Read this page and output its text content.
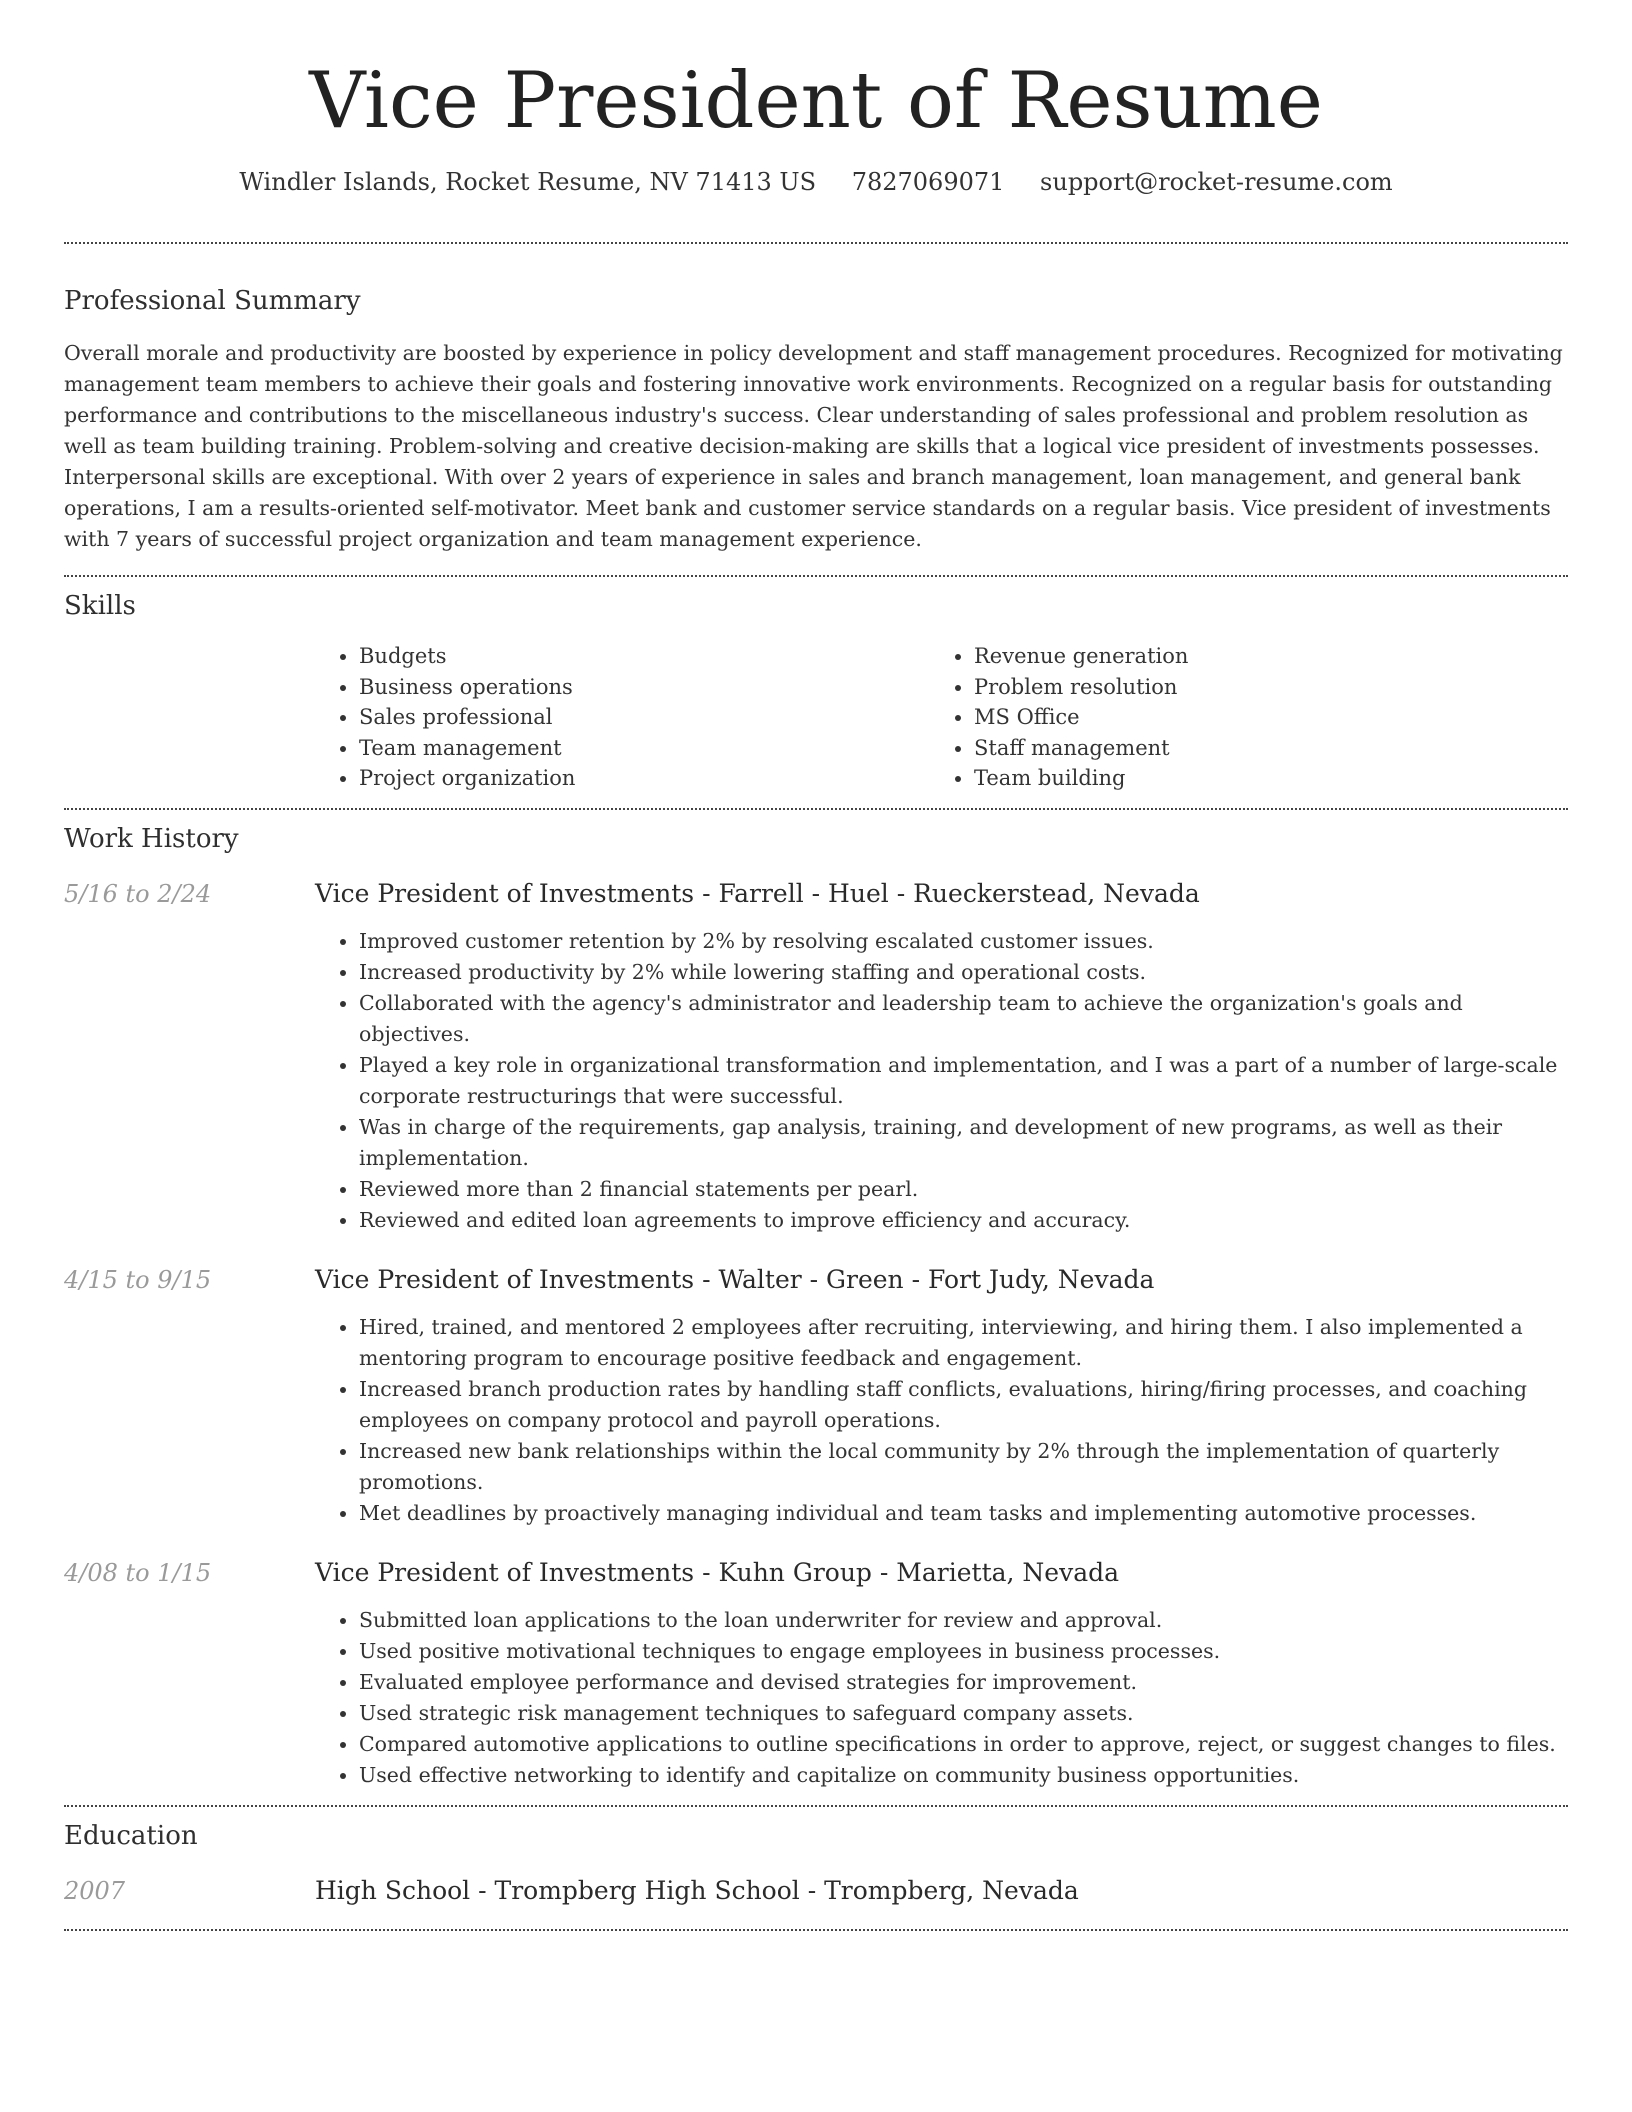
Vice President of Resume
Windler Islands, Rocket Resume, NV 71413 US 7827069071 support@rocket-resume.com
Professional Summary

Overall morale and productivity are boosted by experience in policy development and staff management procedures. Recognized for motivating management team members to achieve their goals and fostering innovative work environments. Recognized on a regular basis for outstanding performance and contributions to the miscellaneous industry's success. Clear understanding of sales professional and problem resolution as well as team building training. Problem-solving and creative decision-making are skills that a logical vice president of investments possesses. Interpersonal skills are exceptional. With over 2 years of experience in sales and branch management, loan management, and general bank operations, I am a results-oriented self-motivator. Meet bank and customer service standards on a regular basis. Vice president of investments with 7 years of successful project organization and team management experience.

Skills
• Budgets
• Business operations
• Sales professional
• Team management
• Project organization
• Revenue generation
• Problem resolution
• MS Office
• Staff management
• Team building
Work History
5/16 to 2/24	Vice President of Investments - Farrell - Huel - Rueckerstead, Nevada
• Improved customer retention by 2% by resolving escalated customer issues.
• Increased productivity by 2% while lowering staffing and operational costs.
• Collaborated with the agency's administrator and leadership team to achieve the organization's goals and objectives.
• Played a key role in organizational transformation and implementation, and I was a part of a number of large-scale corporate restructurings that were successful.
• Was in charge of the requirements, gap analysis, training, and development of new programs, as well as their implementation.
• Reviewed more than 2 financial statements per pearl.
• Reviewed and edited loan agreements to improve efficiency and accuracy.
4/15 to 9/15	Vice President of Investments - Walter - Green - Fort Judy, Nevada
• Hired, trained, and mentored 2 employees after recruiting, interviewing, and hiring them. I also implemented a mentoring program to encourage positive feedback and engagement.
• Increased branch production rates by handling staff conflicts, evaluations, hiring/firing processes, and coaching employees on company protocol and payroll operations.
• Increased new bank relationships within the local community by 2% through the implementation of quarterly promotions.
• Met deadlines by proactively managing individual and team tasks and implementing automotive processes.
4/08 to 1/15	Vice President of Investments - Kuhn Group - Marietta, Nevada
• Submitted loan applications to the loan underwriter for review and approval.
• Used positive motivational techniques to engage employees in business processes.
• Evaluated employee performance and devised strategies for improvement.
• Used strategic risk management techniques to safeguard company assets.
• Compared automotive applications to outline specifications in order to approve, reject, or suggest changes to files.
• Used effective networking to identify and capitalize on community business opportunities.
Education
2007	High School - Trompberg High School - Trompberg, Nevada
